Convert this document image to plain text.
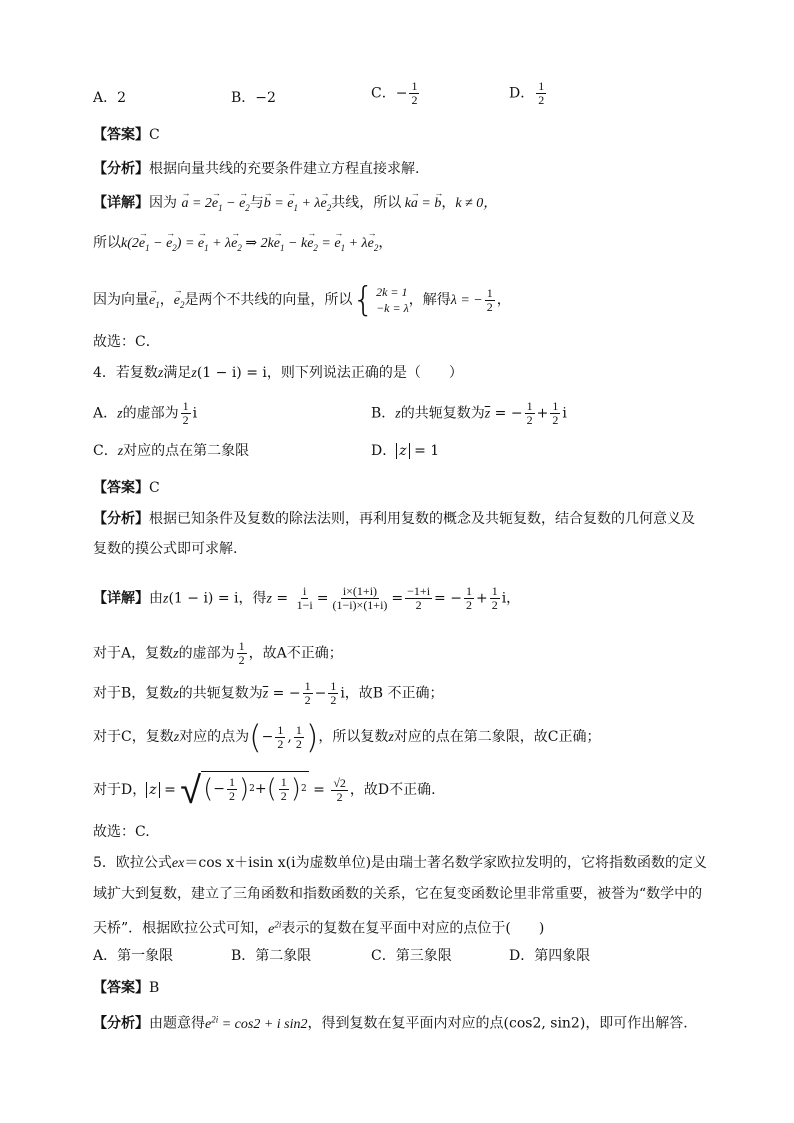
A．2	B．−2	C．− $\frac{1}{2}$	D． $\frac{1}{2}$
【答案】C
【分析】根据向量共线的充要条件建立方程直接求解.
【详解】因为 → $a = 2\to e_1$ − → $e_2$与→ b = → $e_1 + \lambda\to e_2$共线，所以 k→ a = → b，k ≠ 0，
所以$k(2\to e_1$ − → $e_2$) = → $e_1 + \lambda\to e_2$ ⇒ $2k\to e_1 - k\to e_2$ = → $e_1 + \lambda\to e_2$，
因为向量→ $e_1$，→ $e_2$是两个不共线的向量，所以 { 2k = 1
−k = λ ，解得λ = − $\frac{1}{2}$ ，
故选：C．
4．若复数z满足z(1 − i) = i，则下列说法正确的是（　　）
A．z的虚部为 $\frac{1}{2}$ i	B．z的共轭复数为$\overline{z}$ = − $\frac{1}{2} + \frac{1}{2}$ i
C．z对应的点在第二象限	D． z = 1
【答案】C
【分析】根据已知条件及复数的除法法则，再利用复数的概念及共轭复数，结合复数的几何意义及
复数的摸公式即可求解.
【详解】由z(1 − i) = i，得$z = \frac{i}{1-i} = \frac{i\times(1+i)}{(1-i)\times(1+i)} = \frac{-1+i}{2}$ = − $\frac{1}{2} + \frac{1}{2}$ i，
对于A，复数z的虚部为 $\frac{1}{2}$ ，故A不正确；
对于B，复数z的共轭复数为$\overline{z}$ = − $\frac{1}{2} - \frac{1}{2}$ i，故B 不正确；
对于C，复数z对应的点为(− $\frac{1}{2}$ , $\frac{1}{2}$ )，所以复数z对应的点在第二象限，故C正确；
对于D， z = √ ( − $\frac{1}{2}$ ) 2 + ( $\frac{1}{2}$ ) $2 = \frac{√2}{2}$ ，故D不正确.
故选：C.
5．欧拉公式ex＝cos x＋isin x(i为虚数单位)是由瑞士著名数学家欧拉发明的，它将指数函数的定义
域扩大到复数，建立了三角函数和指数函数的关系，它在复变函数论里非常重要，被誉为“数学中的
天桥”．根据欧拉公式可知，$e^{2i}$表示的复数在复平面中对应的点位于(　　)
A．第一象限	B．第二象限	C．第三象限	D．第四象限
【答案】B
【分析】由题意得$e^{2i} = \cos 2 + i$ sin2，得到复数在复平面内对应的点(cos2, sin2)，即可作出解答.
